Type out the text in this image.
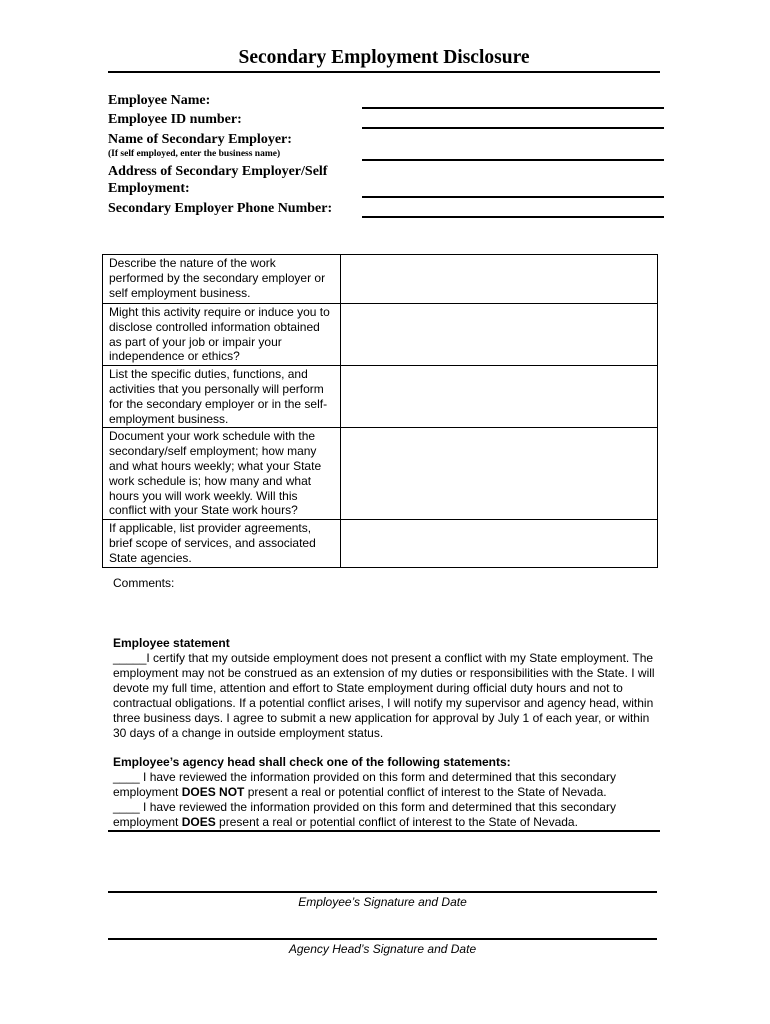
Secondary Employment Disclosure
Employee Name:
Employee ID number:
Name of Secondary Employer:
(If self employed, enter the business name)
Address of Secondary Employer/Self
Employment:
Secondary Employer Phone Number:
Describe the nature of the work performed by the secondary employer or self employment business.	
Might this activity require or induce you to disclose controlled information obtained as part of your job or impair your independence or ethics?	
List the specific duties, functions, and activities that you personally will perform for the secondary employer or in the self-employment business.	
Document your work schedule with the secondary/self employment; how many and what hours weekly; what your State work schedule is; how many and what hours you will work weekly. Will this conflict with your State work hours?	
If applicable, list provider agreements, brief scope of services, and associated State agencies.	
Comments:
Employee statement
_____I certify that my outside employment does not present a conflict with my State employment. The employment may not be construed as an extension of my duties or responsibilities with the State. I will devote my full time, attention and effort to State employment during official duty hours and not to contractual obligations. If a potential conflict arises, I will notify my supervisor and agency head, within three business days. I agree to submit a new application for approval by July 1 of each year, or within 30 days of a change in outside employment status.
Employee’s agency head shall check one of the following statements:
____ I have reviewed the information provided on this form and determined that this secondary employment DOES NOT present a real or potential conflict of interest to the State of Nevada.
____ I have reviewed the information provided on this form and determined that this secondary employment DOES present a real or potential conflict of interest to the State of Nevada.
Employee’s Signature and Date
Agency Head’s Signature and Date
